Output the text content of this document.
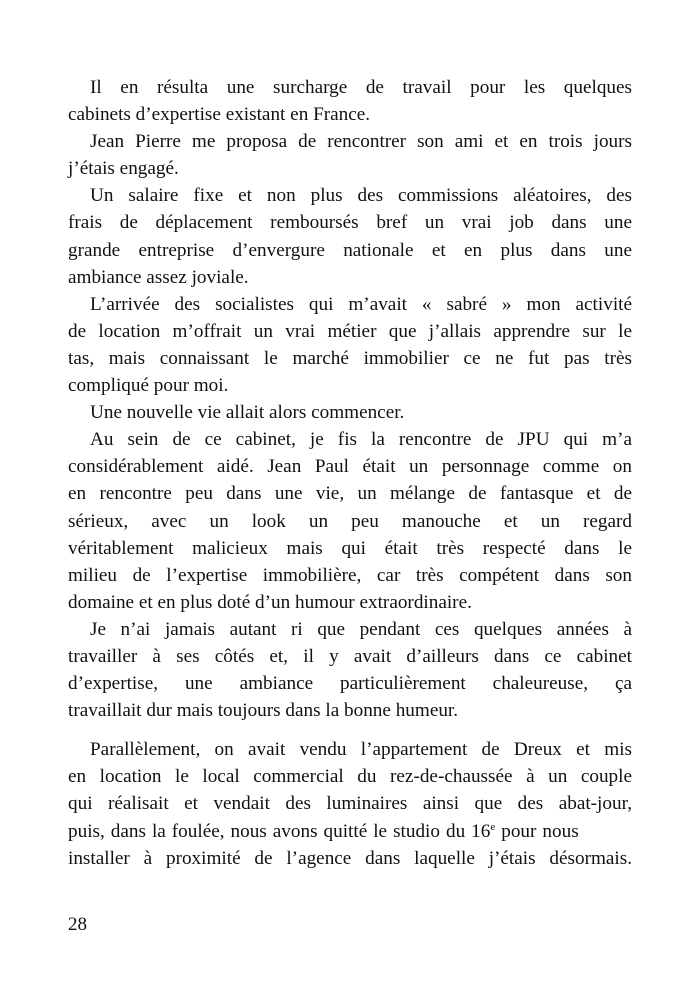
Il en résulta une surcharge de travail pour les quelques
cabinets d’expertise existant en France.
Jean Pierre me proposa de rencontrer son ami et en trois jours
j’étais engagé.
Un salaire fixe et non plus des commissions aléatoires, des
frais de déplacement remboursés bref un vrai job dans une
grande entreprise d’envergure nationale et en plus dans une
ambiance assez joviale.
L’arrivée des socialistes qui m’avait « sabré » mon activité
de location m’offrait un vrai métier que j’allais apprendre sur le
tas, mais connaissant le marché immobilier ce ne fut pas très
compliqué pour moi.
Une nouvelle vie allait alors commencer.
Au sein de ce cabinet, je fis la rencontre de JPU qui m’a
considérablement aidé. Jean Paul était un personnage comme on
en rencontre peu dans une vie, un mélange de fantasque et de
sérieux, avec un look un peu manouche et un regard
véritablement malicieux mais qui était très respecté dans le
milieu de l’expertise immobilière, car très compétent dans son
domaine et en plus doté d’un humour extraordinaire.
Je n’ai jamais autant ri que pendant ces quelques années à
travailler à ses côtés et, il y avait d’ailleurs dans ce cabinet
d’expertise, une ambiance particulièrement chaleureuse, ça
travaillait dur mais toujours dans la bonne humeur.
Parallèlement, on avait vendu l’appartement de Dreux et mis
en location le local commercial du rez-de-chaussée à un couple
qui réalisait et vendait des luminaires ainsi que des abat-jour,
puis, dans la foulée, nous avons quitté le studio du 16e pour nous
installer à proximité de l’agence dans laquelle j’étais désormais.
28
